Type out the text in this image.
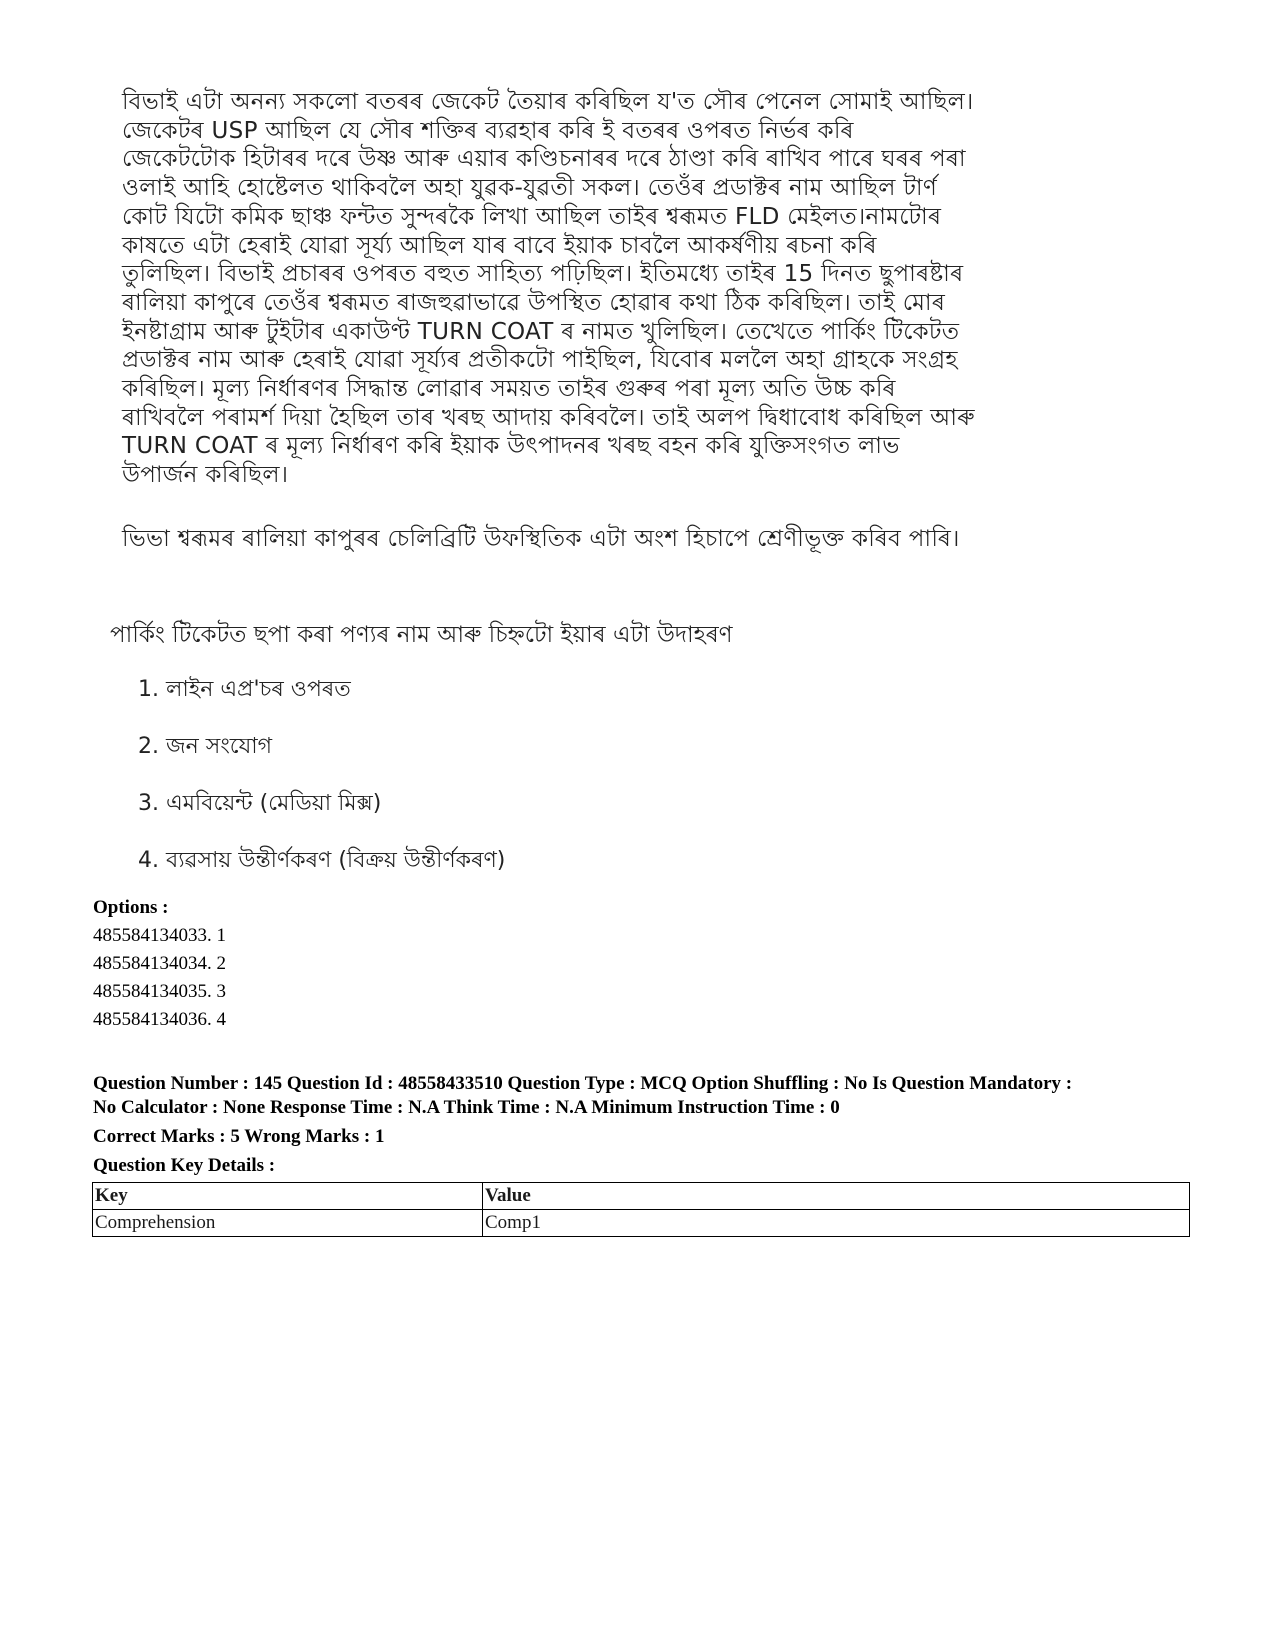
বিভাই এটা অনন্য সকলো বতৰৰ জেকেট তৈয়াৰ কৰিছিল য'ত সৌৰ পেনেল সোমাই আছিল।
জেকেটৰ USP আছিল যে সৌৰ শক্তিৰ ব্যৱহাৰ কৰি ই বতৰৰ ওপৰত নিৰ্ভৰ কৰি
জেকেটটোক হিটাৰৰ দৰে উষ্ণ আৰু এয়াৰ কণ্ডিচনাৰৰ দৰে ঠাণ্ডা কৰি ৰাখিব পাৰে ঘৰৰ পৰা
ওলাই আহি হোষ্টেলত থাকিবলৈ অহা যুৱক-যুৱতী সকল। তেওঁৰ প্ৰডাক্টৰ নাম আছিল টাৰ্ণ
কোট যিটো কমিক ছাঞ্চ ফন্টত সুন্দৰকৈ লিখা আছিল তাইৰ শ্বৰূমত FLD মেইলত।নামটোৰ
কাষতে এটা হেৰাই যোৱা সূৰ্য্য আছিল যাৰ বাবে ইয়াক চাবলৈ আকৰ্ষণীয় ৰচনা কৰি
তুলিছিল। বিভাই প্ৰচাৰৰ ওপৰত বহুত সাহিত্য পঢ়িছিল। ইতিমধ্যে তাইৰ 15 দিনত ছুপাৰষ্টাৰ
ৰালিয়া কাপুৰে তেওঁৰ শ্বৰূমত ৰাজহুৱাভাৱে উপস্থিত হোৱাৰ কথা ঠিক কৰিছিল। তাই মোৰ
ইনষ্টাগ্ৰাম আৰু টুইটাৰ একাউণ্ট TURN COAT ৰ নামত খুলিছিল। তেখেতে পাৰ্কিং টিকেটত
প্ৰডাক্টৰ নাম আৰু হেৰাই যোৱা সূৰ্য্যৰ প্ৰতীকটো পাইছিল, যিবোৰ মললৈ অহা গ্ৰাহকে সংগ্ৰহ
কৰিছিল। মূল্য নিৰ্ধাৰণৰ সিদ্ধান্ত লোৱাৰ সময়ত তাইৰ গুৰুৰ পৰা মূল্য অতি উচ্চ কৰি
ৰাখিবলৈ পৰামৰ্শ দিয়া হৈছিল তাৰ খৰছ আদায় কৰিবলৈ। তাই অলপ দ্বিধাবোধ কৰিছিল আৰু
TURN COAT ৰ মূল্য নিৰ্ধাৰণ কৰি ইয়াক উৎপাদনৰ খৰছ বহন কৰি যুক্তিসংগত লাভ
উপাৰ্জন কৰিছিল।
ভিভা শ্বৰূমৰ ৰালিয়া কাপুৰৰ চেলিব্ৰিটি উফস্থিতিক এটা অংশ হিচাপে শ্ৰেণীভূক্ত কৰিব পাৰি।
পাৰ্কিং টিকেটত ছপা কৰা পণ্যৰ নাম আৰু চিহ্নটো ইয়াৰ এটা উদাহৰণ
1. লাইন এপ্ৰ'চৰ ওপৰত
2. জন সংযোগ
3. এমবিয়েন্ট (মেডিয়া মিক্স)
4. ব্যৱসায় উন্তীৰ্ণকৰণ (বিক্ৰয় উন্তীৰ্ণকৰণ)
Options :
485584134033. 1
485584134034. 2
485584134035. 3
485584134036. 4
Question Number : 145 Question Id : 48558433510 Question Type : MCQ Option Shuffling : No Is Question Mandatory :
No Calculator : None Response Time : N.A Think Time : N.A Minimum Instruction Time : 0
Correct Marks : 5 Wrong Marks : 1
Question Key Details :
Key	Value
Comprehension	Comp1
